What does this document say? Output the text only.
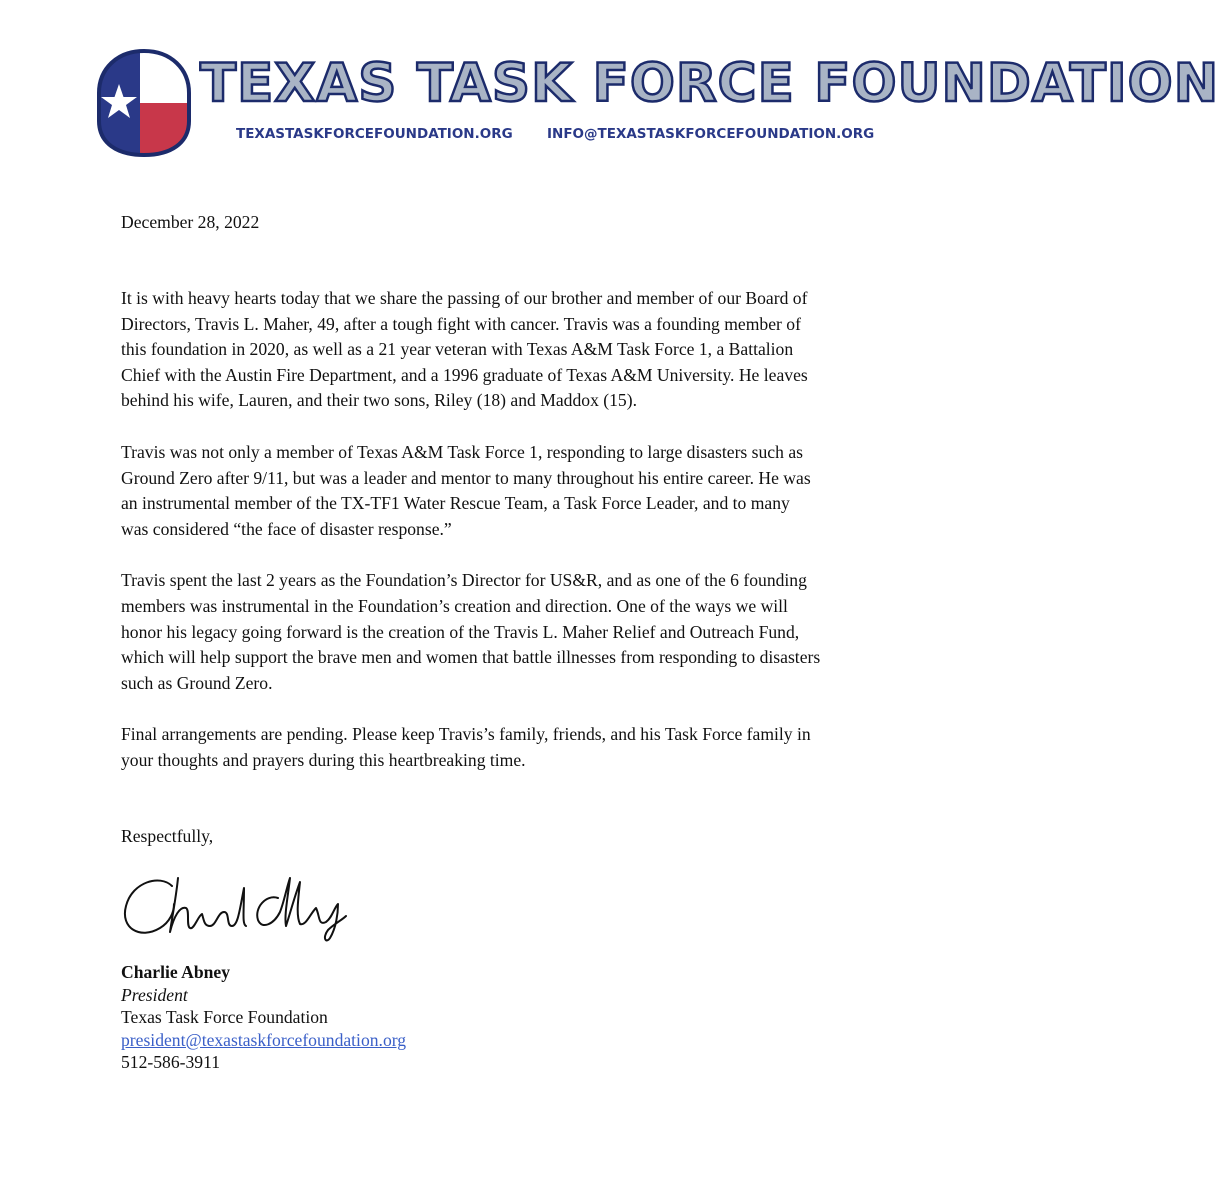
TEXAS TASK FORCE FOUNDATION
TEXASTASKFORCEFOUNDATION.ORG	INFO@TEXASTASKFORCEFOUNDATION.ORG

December 28, 2022

It is with heavy hearts today that we share the passing of our brother and member of our Board of Directors, Travis L. Maher, 49, after a tough fight with cancer. Travis was a founding member of this foundation in 2020, as well as a 21 year veteran with Texas A&M Task Force 1, a Battalion Chief with the Austin Fire Department, and a 1996 graduate of Texas A&M University. He leaves behind his wife, Lauren, and their two sons, Riley (18) and Maddox (15).

Travis was not only a member of Texas A&M Task Force 1, responding to large disasters such as Ground Zero after 9/11, but was a leader and mentor to many throughout his entire career. He was an instrumental member of the TX-TF1 Water Rescue Team, a Task Force Leader, and to many was considered “the face of disaster response.”

Travis spent the last 2 years as the Foundation’s Director for US&R, and as one of the 6 founding members was instrumental in the Foundation’s creation and direction. One of the ways we will honor his legacy going forward is the creation of the Travis L. Maher Relief and Outreach Fund, which will help support the brave men and women that battle illnesses from responding to disasters such as Ground Zero.

Final arrangements are pending. Please keep Travis’s family, friends, and his Task Force family in your thoughts and prayers during this heartbreaking time.

Respectfully,

Charlie Abney
President
Texas Task Force Foundation
president@texastaskforcefoundation.org
512-586-3911
